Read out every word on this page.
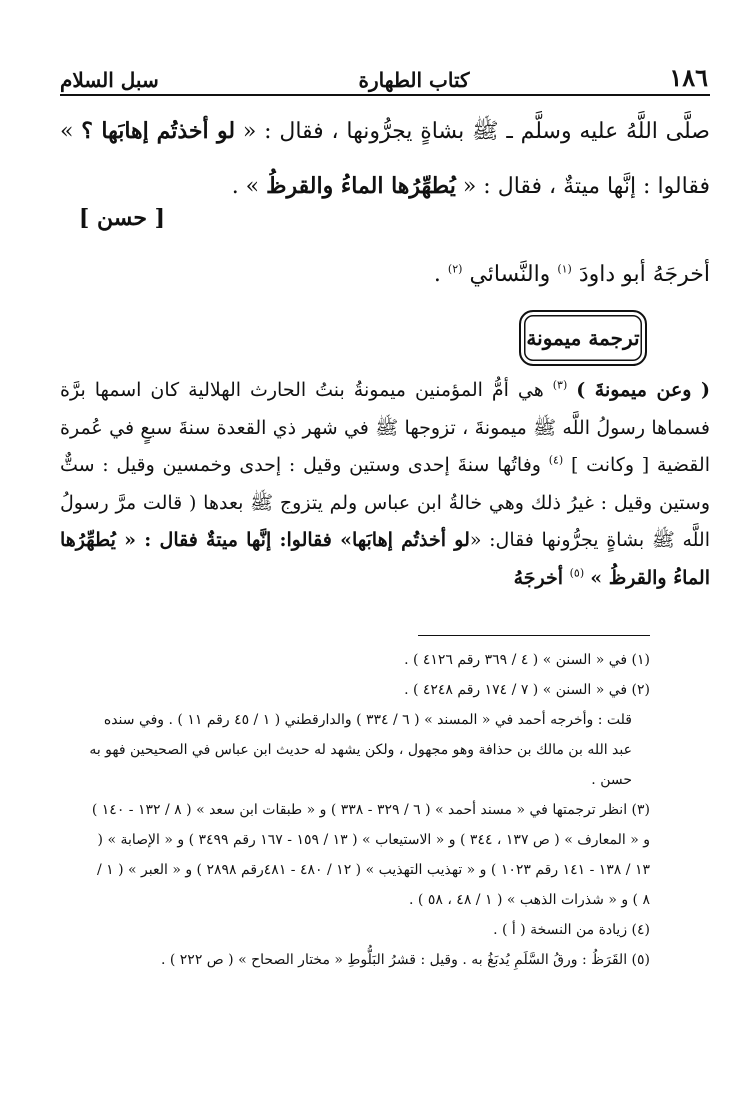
١٨٦
كتاب الطهارة
سبل السلام
صلَّى اللَّهُ عليه وسلَّم ـ ﷺ بشاةٍ يجرُّونها ، فقال : « لو أخذتُم إهابَها ؟ » فقالوا : إنَّها ميتةٌ ، فقال : « يُطهِّرُها الماءُ والقرظُ » .
[ حسن ]
أخرجَهُ أبو داودَ $^{(١)}$ والنَّسائي $^{(٢)}$ .
ترجمة ميمونة
( وعن ميمونةَ ) $^{(٣)}$ هي أمُّ المؤمنين ميمونةُ بنتُ الحارث الهلالية كان اسمها برَّة فسماها رسولُ اللَّه ﷺ ميمونةَ ، تزوجها ﷺ في شهر ذي القعدة سنةَ سبعٍ في عُمرة القضية [ وكانت ] $^{(٤)}$ وفاتُها سنةَ إحدى وستين وقيل : إحدى وخمسين وقيل : ستٌّ وستين وقيل : غيرُ ذلك وهي خالةُ ابن عباس ولم يتزوج ﷺ بعدها ( قالت مرَّ رسولُ اللَّه ﷺ بشاةٍ يجرُّونها فقال: «لو أخذتُم إهابَها» فقالوا: إنَّها ميتةٌ فقال : « يُطهِّرُها الماءُ والقرظُ » $^{(٥)}$ أخرجَهُ

(١) في « السنن » ( ٤ / ٣٦٩ رقم ٤١٢٦ ) .

(٢) في « السنن » ( ٧ / ١٧٤ رقم ٤٢٤٨ ) .

قلت : وأخرجه أحمد في « المسند » ( ٦ / ٣٣٤ ) والدارقطني ( ١ / ٤٥ رقم ١١ ) . وفي سنده عبد الله بن مالك بن حذافة وهو مجهول ، ولكن يشهد له حديث ابن عباس في الصحيحين فهو به حسن .

(٣) انظر ترجمتها في « مسند أحمد » ( ٦ / ٣٢٩ - ٣٣٨ ) و « طبقات ابن سعد » ( ٨ / ١٣٢ - ١٤٠ ) و « المعارف » ( ص ١٣٧ ، ٣٤٤ ) و « الاستيعاب » ( ١٣ / ١٥٩ - ١٦٧ رقم ٣٤٩٩ ) و « الإصابة » ( ١٣ / ١٣٨ - ١٤١ رقم ١٠٢٣ ) و « تهذيب التهذيب » ( ١٢ / ٤٨٠ - ٤٨١رقم ٢٨٩٨ ) و « العبر » ( ١ / ٨ ) و « شذرات الذهب » ( ١ / ٤٨ ، ٥٨ ) .

(٤) زيادة من النسخة ( أ ) .

(٥) القَرَظُ : ورقُ السَّلَمِ يُدبَغُ به . وقيل : قشرُ البَلُّوطِ « مختار الصحاح » ( ص ٢٢٢ ) .
